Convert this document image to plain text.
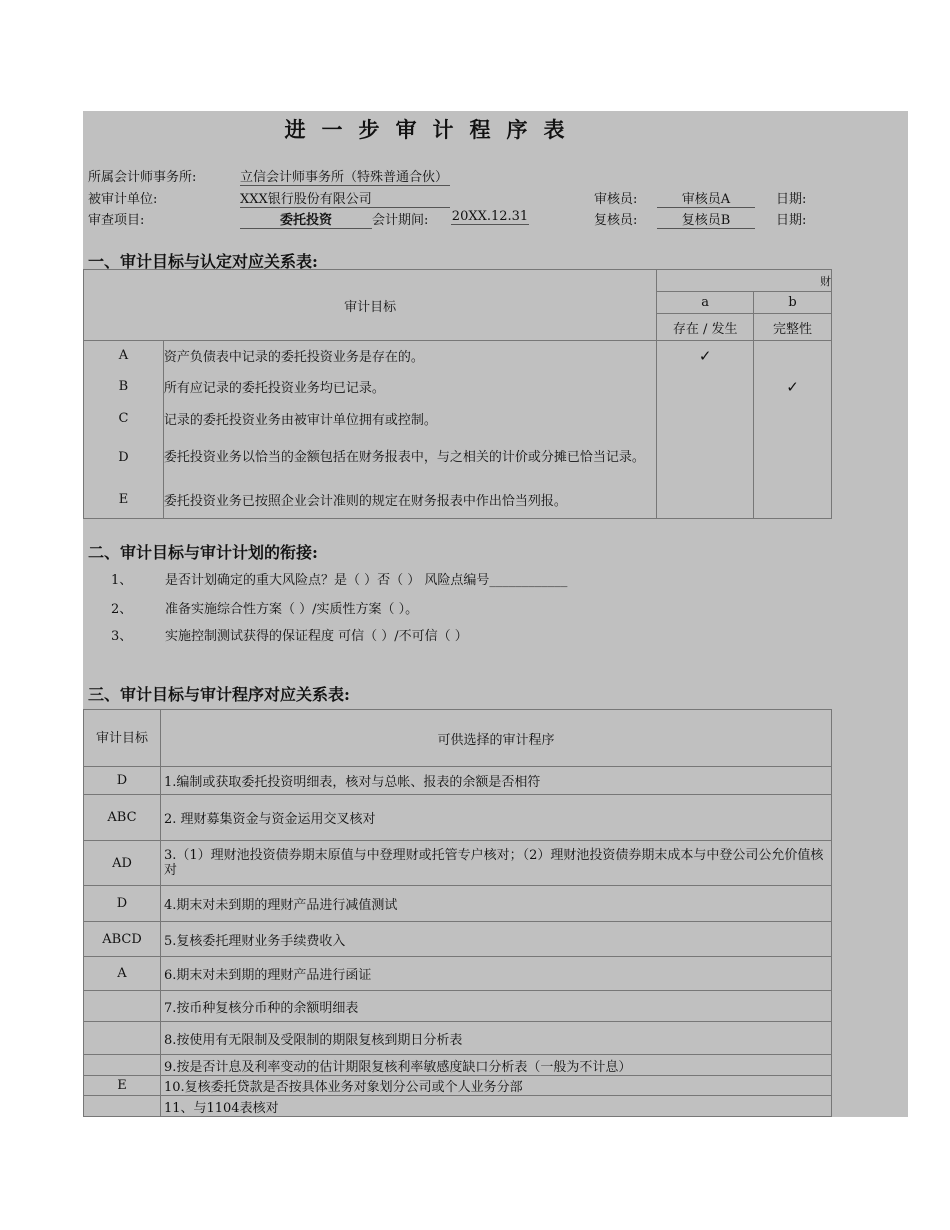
进一步审计程序表
所属会计师事务所:	立信会计师事务所（特殊普通合伙）
被审计单位:	XXX银行股份有限公司
审查项目:	委托投资	会计期间: 20XX.12.31
审核员:	审核员A	日期:
复核员:	复核员B	日期:
一、审计目标与认定对应关系表:
审计目标		财	
		a	b
		存在 / 发生	完整性
A	资产负债表中记录的委托投资业务是存在的。	✓	
B	所有应记录的委托投资业务均已记录。		✓
C	记录的委托投资业务由被审计单位拥有或控制。		
D	委托投资业务以恰当的金额包括在财务报表中，与之相关的计价或分摊已恰当记录。		
E	委托投资业务已按照企业会计准则的规定在财务报表中作出恰当列报。		
二、审计目标与审计计划的衔接:
1、	是否计划确定的重大风险点？是（ ）否（ ） 风险点编号____________
2、	准备实施综合性方案（ ）/实质性方案（ ）。
3、	实施控制测试获得的保证程度 可信（ ）/不可信（ ）
三、审计目标与审计程序对应关系表:
审计目标	可供选择的审计程序
D	1.编制或获取委托投资明细表，核对与总帐、报表的余额是否相符
ABC	2. 理财募集资金与资金运用交叉核对
AD	3.（1）理财池投资债券期末原值与中登理财或托管专户核对；（2）理财池投资债券期末成本与中登公司公允价值核对
D	4.期末对未到期的理财产品进行减值测试
ABCD	5.复核委托理财业务手续费收入
A	6.期末对未到期的理财产品进行函证
	7.按币种复核分币种的余额明细表
	8.按使用有无限制及受限制的期限复核到期日分析表
	9.按是否计息及利率变动的估计期限复核利率敏感度缺口分析表（一般为不计息）
E	10.复核委托贷款是否按具体业务对象划分公司或个人业务分部
	11、与1104表核对
